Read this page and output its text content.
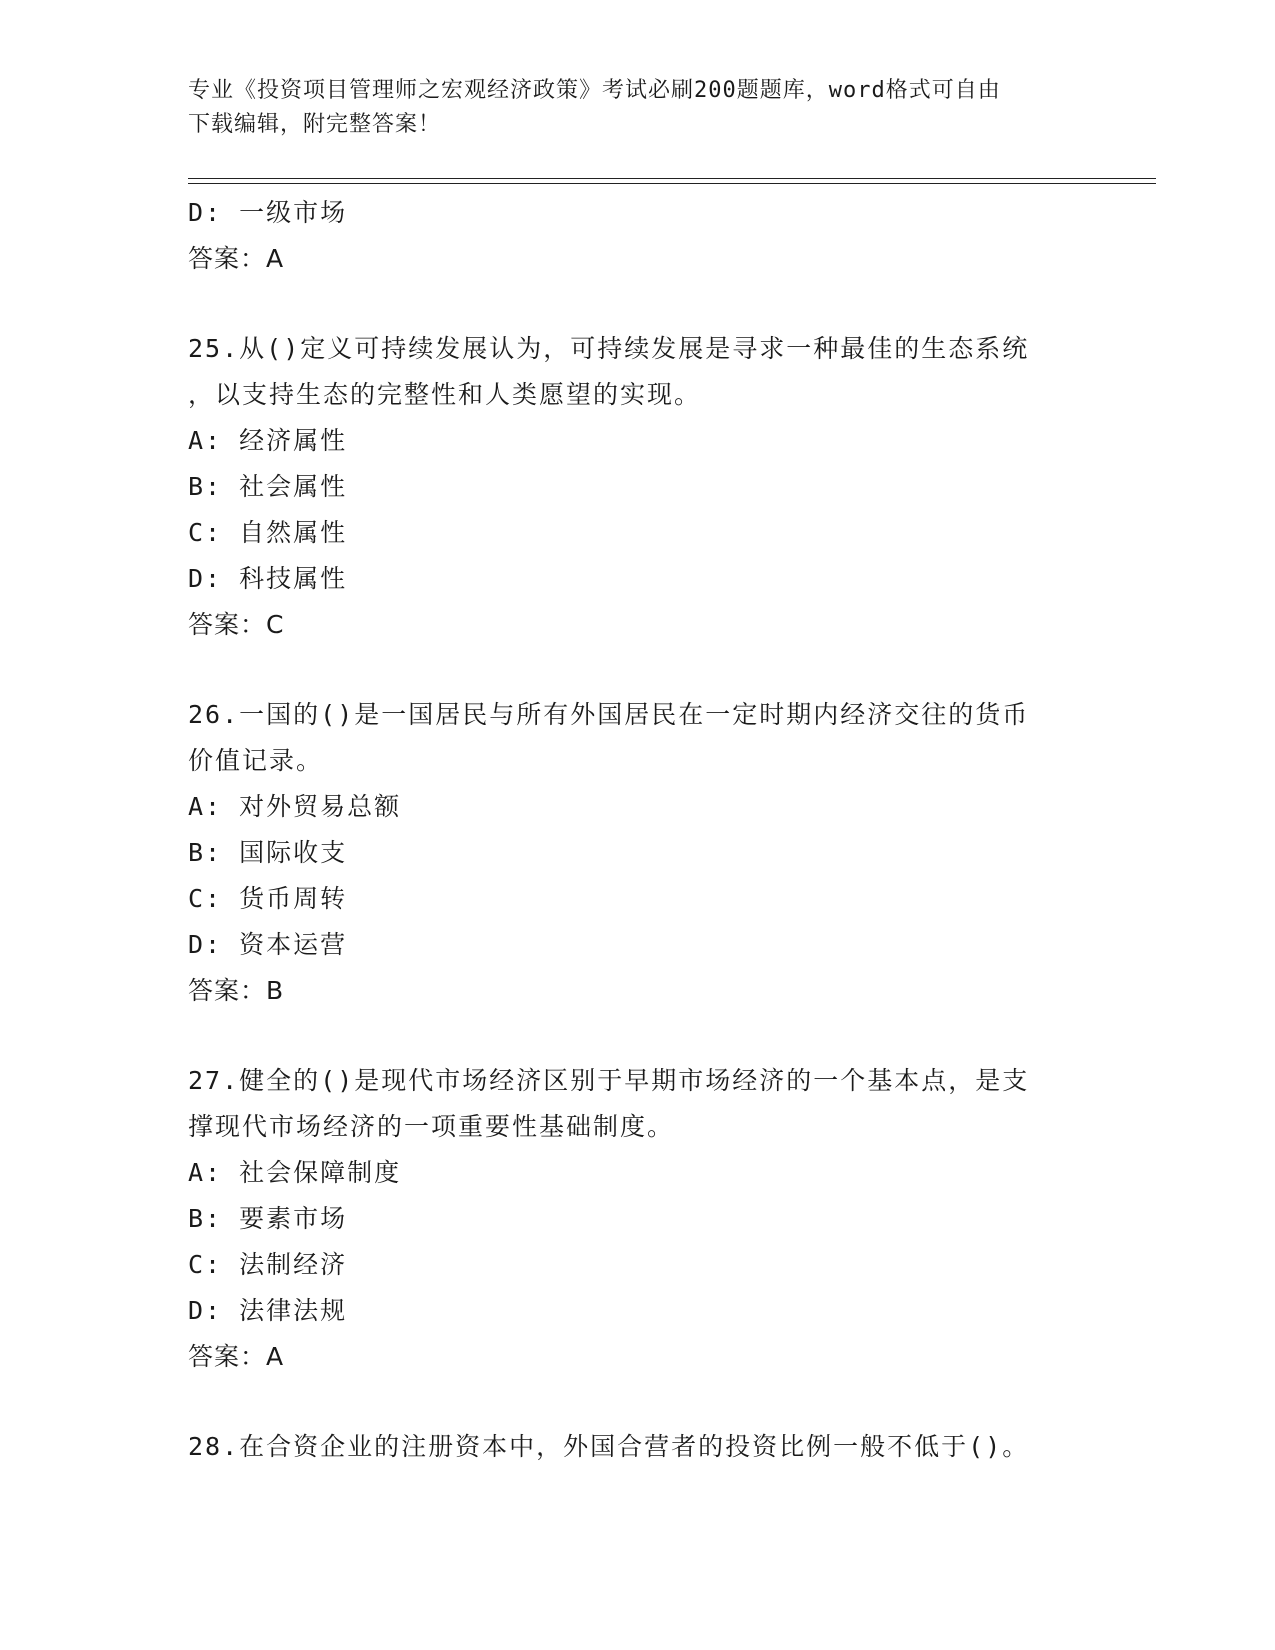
专业《投资项目管理师之宏观经济政策》考试必刷200题题库，word格式可自由
下载编辑，附完整答案！
D: 一级市场
答案：A
25.从()定义可持续发展认为，可持续发展是寻求一种最佳的生态系统
，以支持生态的完整性和人类愿望的实现。
A: 经济属性
B: 社会属性
C: 自然属性
D: 科技属性
答案：C
26.一国的()是一国居民与所有外国居民在一定时期内经济交往的货币
价值记录。
A: 对外贸易总额
B: 国际收支
C: 货币周转
D: 资本运营
答案：B
27.健全的()是现代市场经济区别于早期市场经济的一个基本点，是支
撑现代市场经济的一项重要性基础制度。
A: 社会保障制度
B: 要素市场
C: 法制经济
D: 法律法规
答案：A
28.在合资企业的注册资本中，外国合营者的投资比例一般不低于()。
